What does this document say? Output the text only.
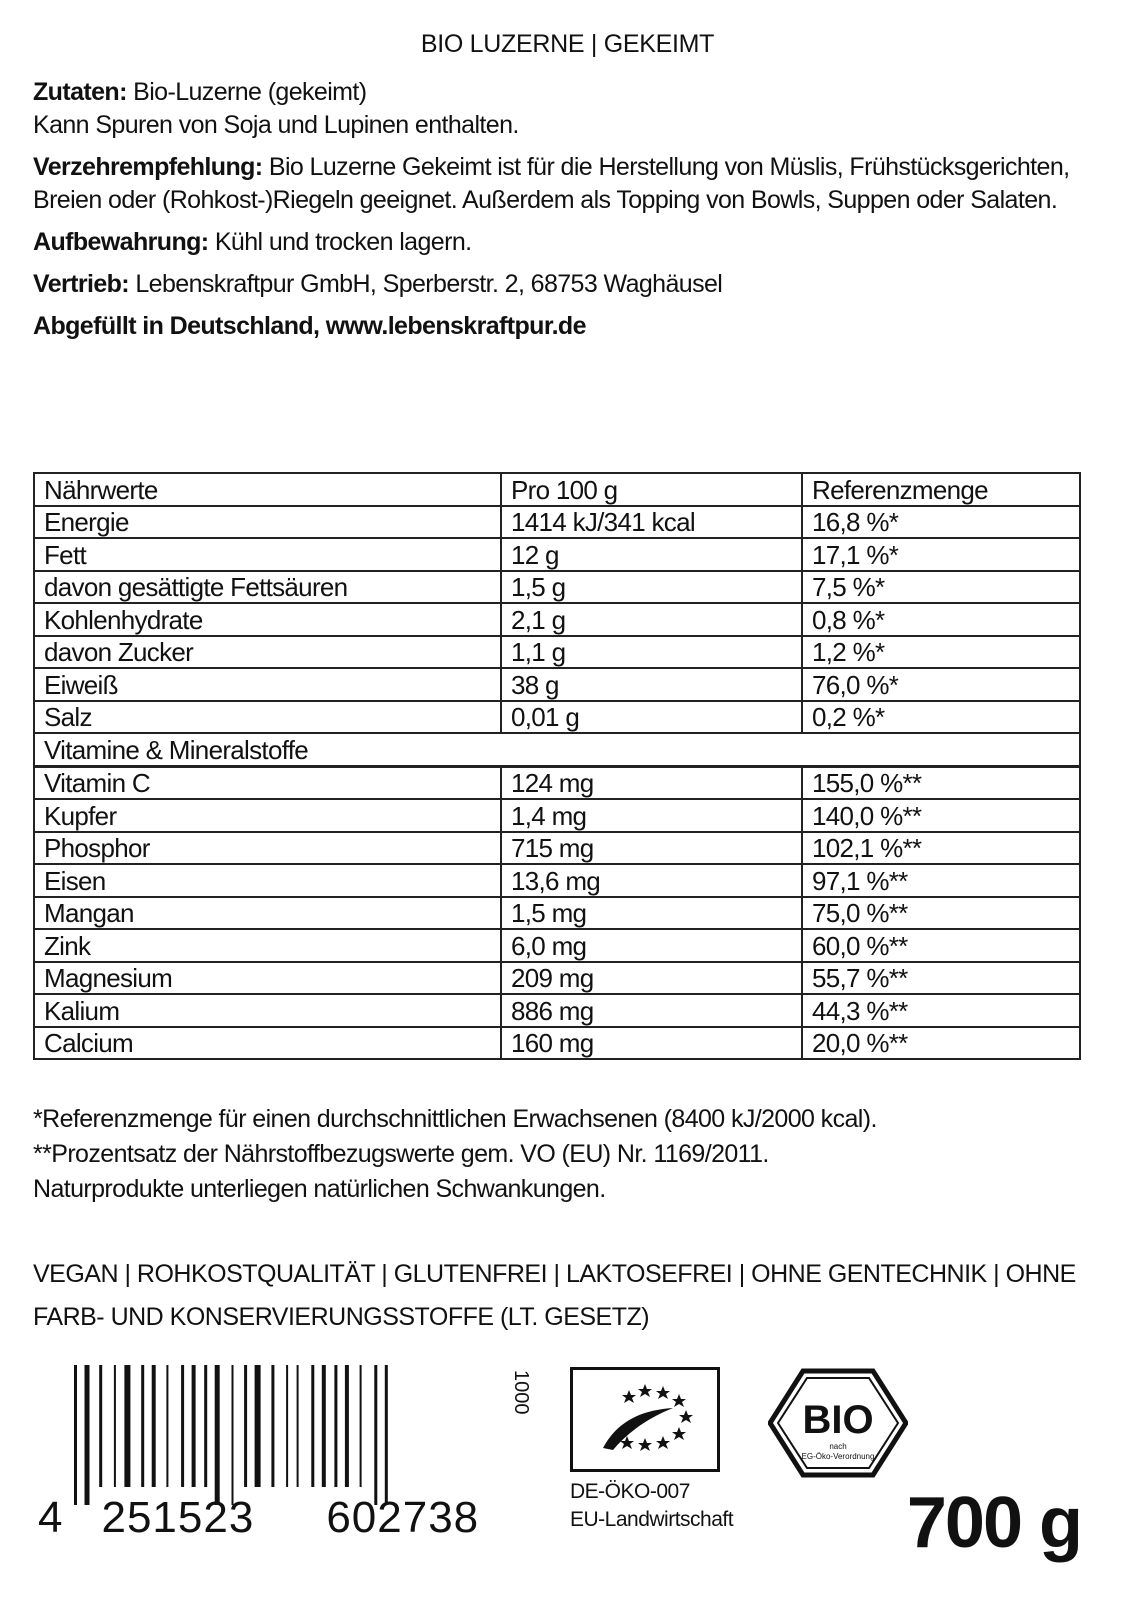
BIO LUZERNE | GEKEIMT

Zutaten: Bio-Luzerne (gekeimt)
Kann Spuren von Soja und Lupinen enthalten.

Verzehrempfehlung: Bio Luzerne Gekeimt ist für die Herstellung von Müslis, Frühstücksgerichten, Breien oder (Rohkost-)Riegeln geeignet. Außerdem als Topping von Bowls, Suppen oder Salaten.

Aufbewahrung: Kühl und trocken lagern.

Vertrieb: Lebenskraftpur GmbH, Sperberstr. 2, 68753 Waghäusel

Abgefüllt in Deutschland, www.lebenskraftpur.de

Nährwerte	Pro 100 g	Referenzmenge
Energie	1414 kJ/341 kcal	16,8 %*
Fett	12 g	17,1 %*
davon gesättigte Fettsäuren	1,5 g	7,5 %*
Kohlenhydrate	2,1 g	0,8 %*
davon Zucker	1,1 g	1,2 %*
Eiweiß	38 g	76,0 %*
Salz	0,01 g	0,2 %*
Vitamine & Mineralstoffe		
Vitamin C	124 mg	155,0 %**
Kupfer	1,4 mg	140,0 %**
Phosphor	715 mg	102,1 %**
Eisen	13,6 mg	97,1 %**
Mangan	1,5 mg	75,0 %**
Zink	6,0 mg	60,0 %**
Magnesium	209 mg	55,7 %**
Kalium	886 mg	44,3 %**
Calcium	160 mg	20,0 %**
*Referenzmenge für einen durchschnittlichen Erwachsenen (8400 kJ/2000 kcal).
**Prozentsatz der Nährstoffbezugswerte gem. VO (EU) Nr. 1169/2011.
Naturprodukte unterliegen natürlichen Schwankungen.
VEGAN | ROHKOSTQUALITÄT | GLUTENFREI | LAKTOSEFREI | OHNE GENTECHNIK | OHNE FARB- UND KONSERVIERUNGSSTOFFE (LT. GESETZ)
4 251523 602738
1000
DE-ÖKO-007
EU-Landwirtschaft
BIO
nach
EG-Öko-Verordnung
700 g
